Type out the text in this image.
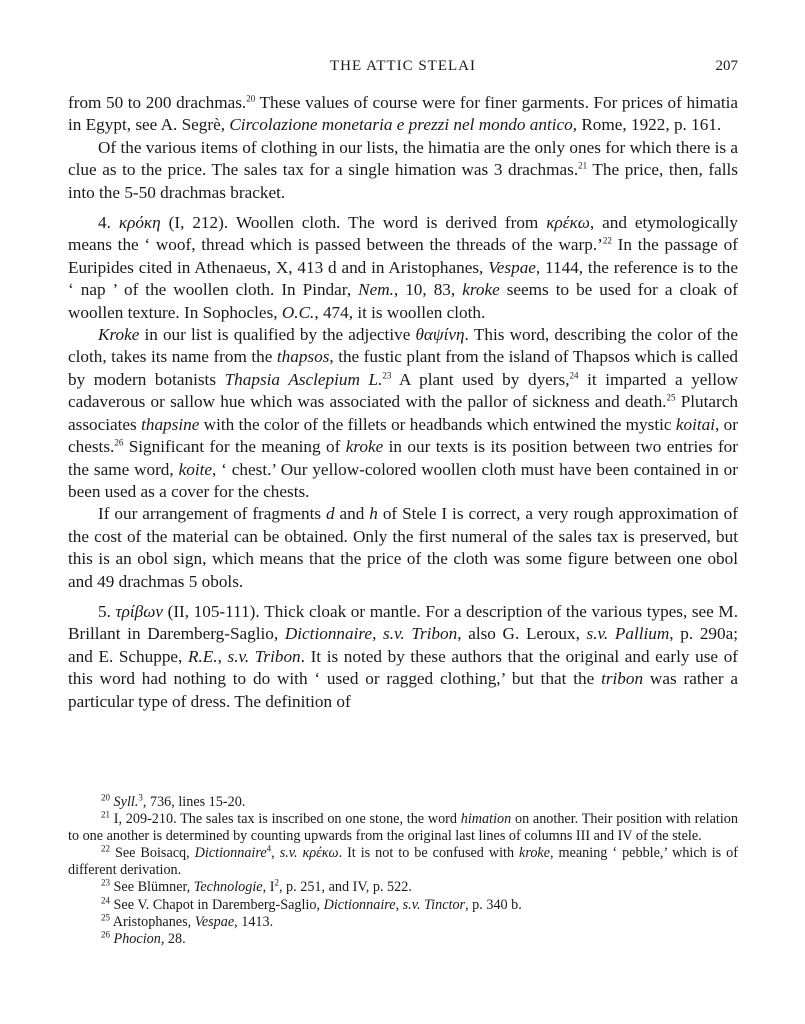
THE ATTIC STELAI	207

from 50 to 200 drachmas.$^{20}$ These values of course were for finer garments. For prices of himatia in Egypt, see A. Segrè, Circolazione monetaria e prezzi nel mondo antico, Rome, 1922, p. 161.

Of the various items of clothing in our lists, the himatia are the only ones for which there is a clue as to the price. The sales tax for a single himation was 3 drachmas.$^{21}$ The price, then, falls into the 5-50 drachmas bracket.

4. κρόκη (I, 212). Woollen cloth. The word is derived from κρέκω, and etymologically means the ‘ woof, thread which is passed between the threads of the warp.’$^{22}$ In the passage of Euripides cited in Athenaeus, X, 413 d and in Aristophanes, Vespae, 1144, the reference is to the ‘ nap ’ of the woollen cloth. In Pindar, Nem., 10, 83, kroke seems to be used for a cloak of woollen texture. In Sophocles, O.C., 474, it is woollen cloth.

Kroke in our list is qualified by the adjective θαψίνη. This word, describing the color of the cloth, takes its name from the thapsos, the fustic plant from the island of Thapsos which is called by modern botanists Thapsia Asclepium L.$^{23}$ A plant used by dyers,$^{24}$ it imparted a yellow cadaverous or sallow hue which was associated with the pallor of sickness and death.$^{25}$ Plutarch associates thapsine with the color of the fillets or headbands which entwined the mystic koitai, or chests.$^{26}$ Significant for the meaning of kroke in our texts is its position between two entries for the same word, koite, ‘ chest.’ Our yellow-colored woollen cloth must have been contained in or been used as a cover for the chests.

If our arrangement of fragments d and h of Stele I is correct, a very rough approximation of the cost of the material can be obtained. Only the first numeral of the sales tax is preserved, but this is an obol sign, which means that the price of the cloth was some figure between one obol and 49 drachmas 5 obols.

5. τρίβων (II, 105-111). Thick cloak or mantle. For a description of the various types, see M. Brillant in Daremberg-Saglio, Dictionnaire, s.v. Tribon, also G. Leroux, s.v. Pallium, p. 290a; and E. Schuppe, R.E., s.v. Tribon. It is noted by these authors that the original and early use of this word had nothing to do with ‘ used or ragged clothing,’ but that the tribon was rather a particular type of dress. The definition of

$^{20}$ Syll.$^3$, 736, lines 15-20.

$^{21}$ I, 209-210. The sales tax is inscribed on one stone, the word himation on another. Their position with relation to one another is determined by counting upwards from the original last lines of columns III and IV of the stele.

$^{22}$ See Boisacq, Dictionnaire$^4$, s.v. κρέκω. It is not to be confused with kroke, meaning ‘ pebble,’ which is of different derivation.

$^{23}$ See Blümner, Technologie, $I^2$, p. 251, and IV, p. 522.

$^{24}$ See V. Chapot in Daremberg-Saglio, Dictionnaire, s.v. Tinctor, p. 340 b.

$^{25}$ Aristophanes, Vespae, 1413.

$^{26}$ Phocion, 28.
